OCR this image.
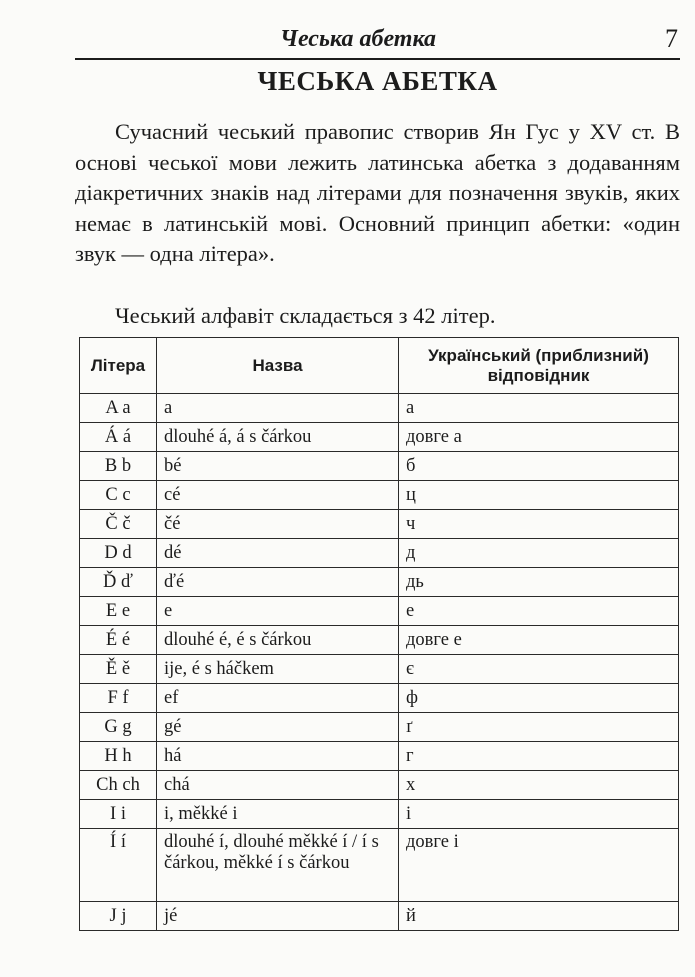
Чеська абетка	7
ЧЕСЬКА АБЕТКА

Сучасний чеський правопис створив Ян Гус у XV ст. В основі чеської мови лежить латинська абетка з додаванням діакретичних знаків над літерами для позначення звуків, яких немає в латинській мові. Основний принцип абетки: «один звук — одна літера».

Чеський алфавіт складається з 42 літер.

Літера	Назва	Український (приблизний) відповідник
A a	a	а
Á á	dlouhé á, á s čárkou	довге а
B b	bé	б
C c	cé	ц
Č č	čé	ч
D d	dé	д
Ď ď	ďé	дь
E e	e	е
É é	dlouhé é, é s čárkou	довге е
Ě ě	ije, é s háčkem	є
F f	ef	ф
G g	gé	ґ
H h	há	г
Ch ch	chá	х
I i	i, měkké i	і
Í í	dlouhé í, dlouhé měkké í / í s čárkou, měkké í s čárkou	довге і
J j	jé	й
